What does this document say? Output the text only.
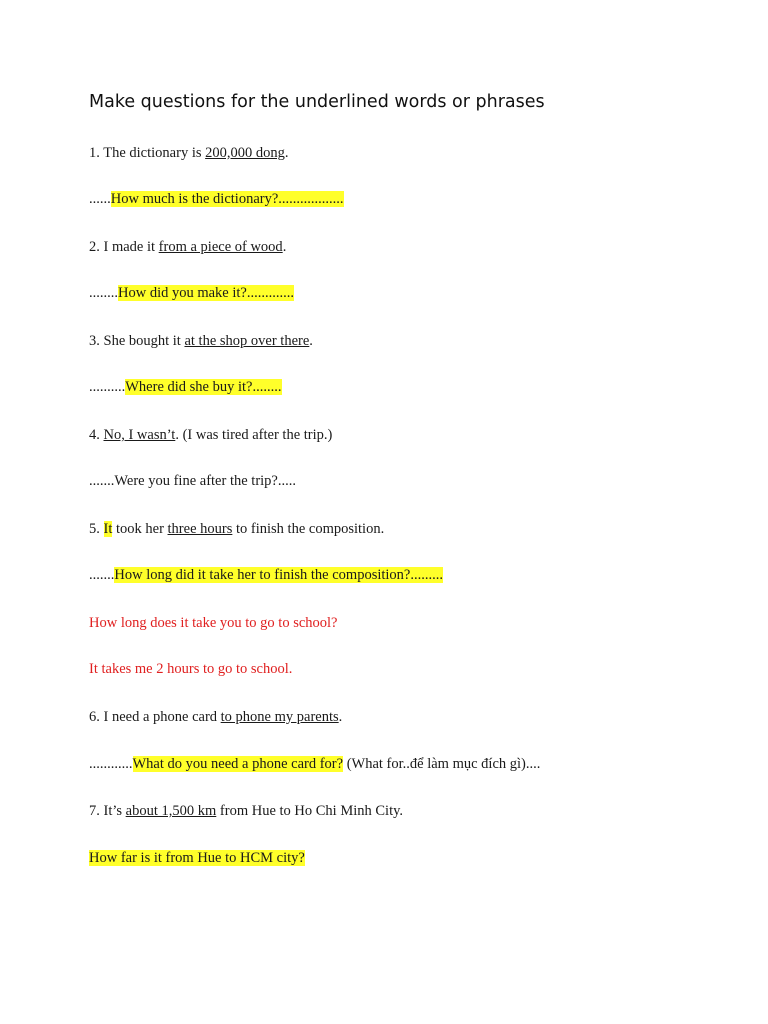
Make questions for the underlined words or phrases
1. The dictionary is 200,000 dong.
......How much is the dictionary?..................
2. I made it from a piece of wood.
........How did you make it?.............
3. She bought it at the shop over there.
..........Where did she buy it?........
4. No, I wasn’t. (I was tired after the trip.)
.......Were you fine after the trip?.....
5. It took her three hours to finish the composition.
.......How long did it take her to finish the composition?.........
How long does it take you to go to school?
It takes me 2 hours to go to school.
6. I need a phone card to phone my parents.
............What do you need a phone card for? (What for..để làm mục đích gì)....
7. It’s about 1,500 km from Hue to Ho Chi Minh City.
How far is it from Hue to HCM city?
